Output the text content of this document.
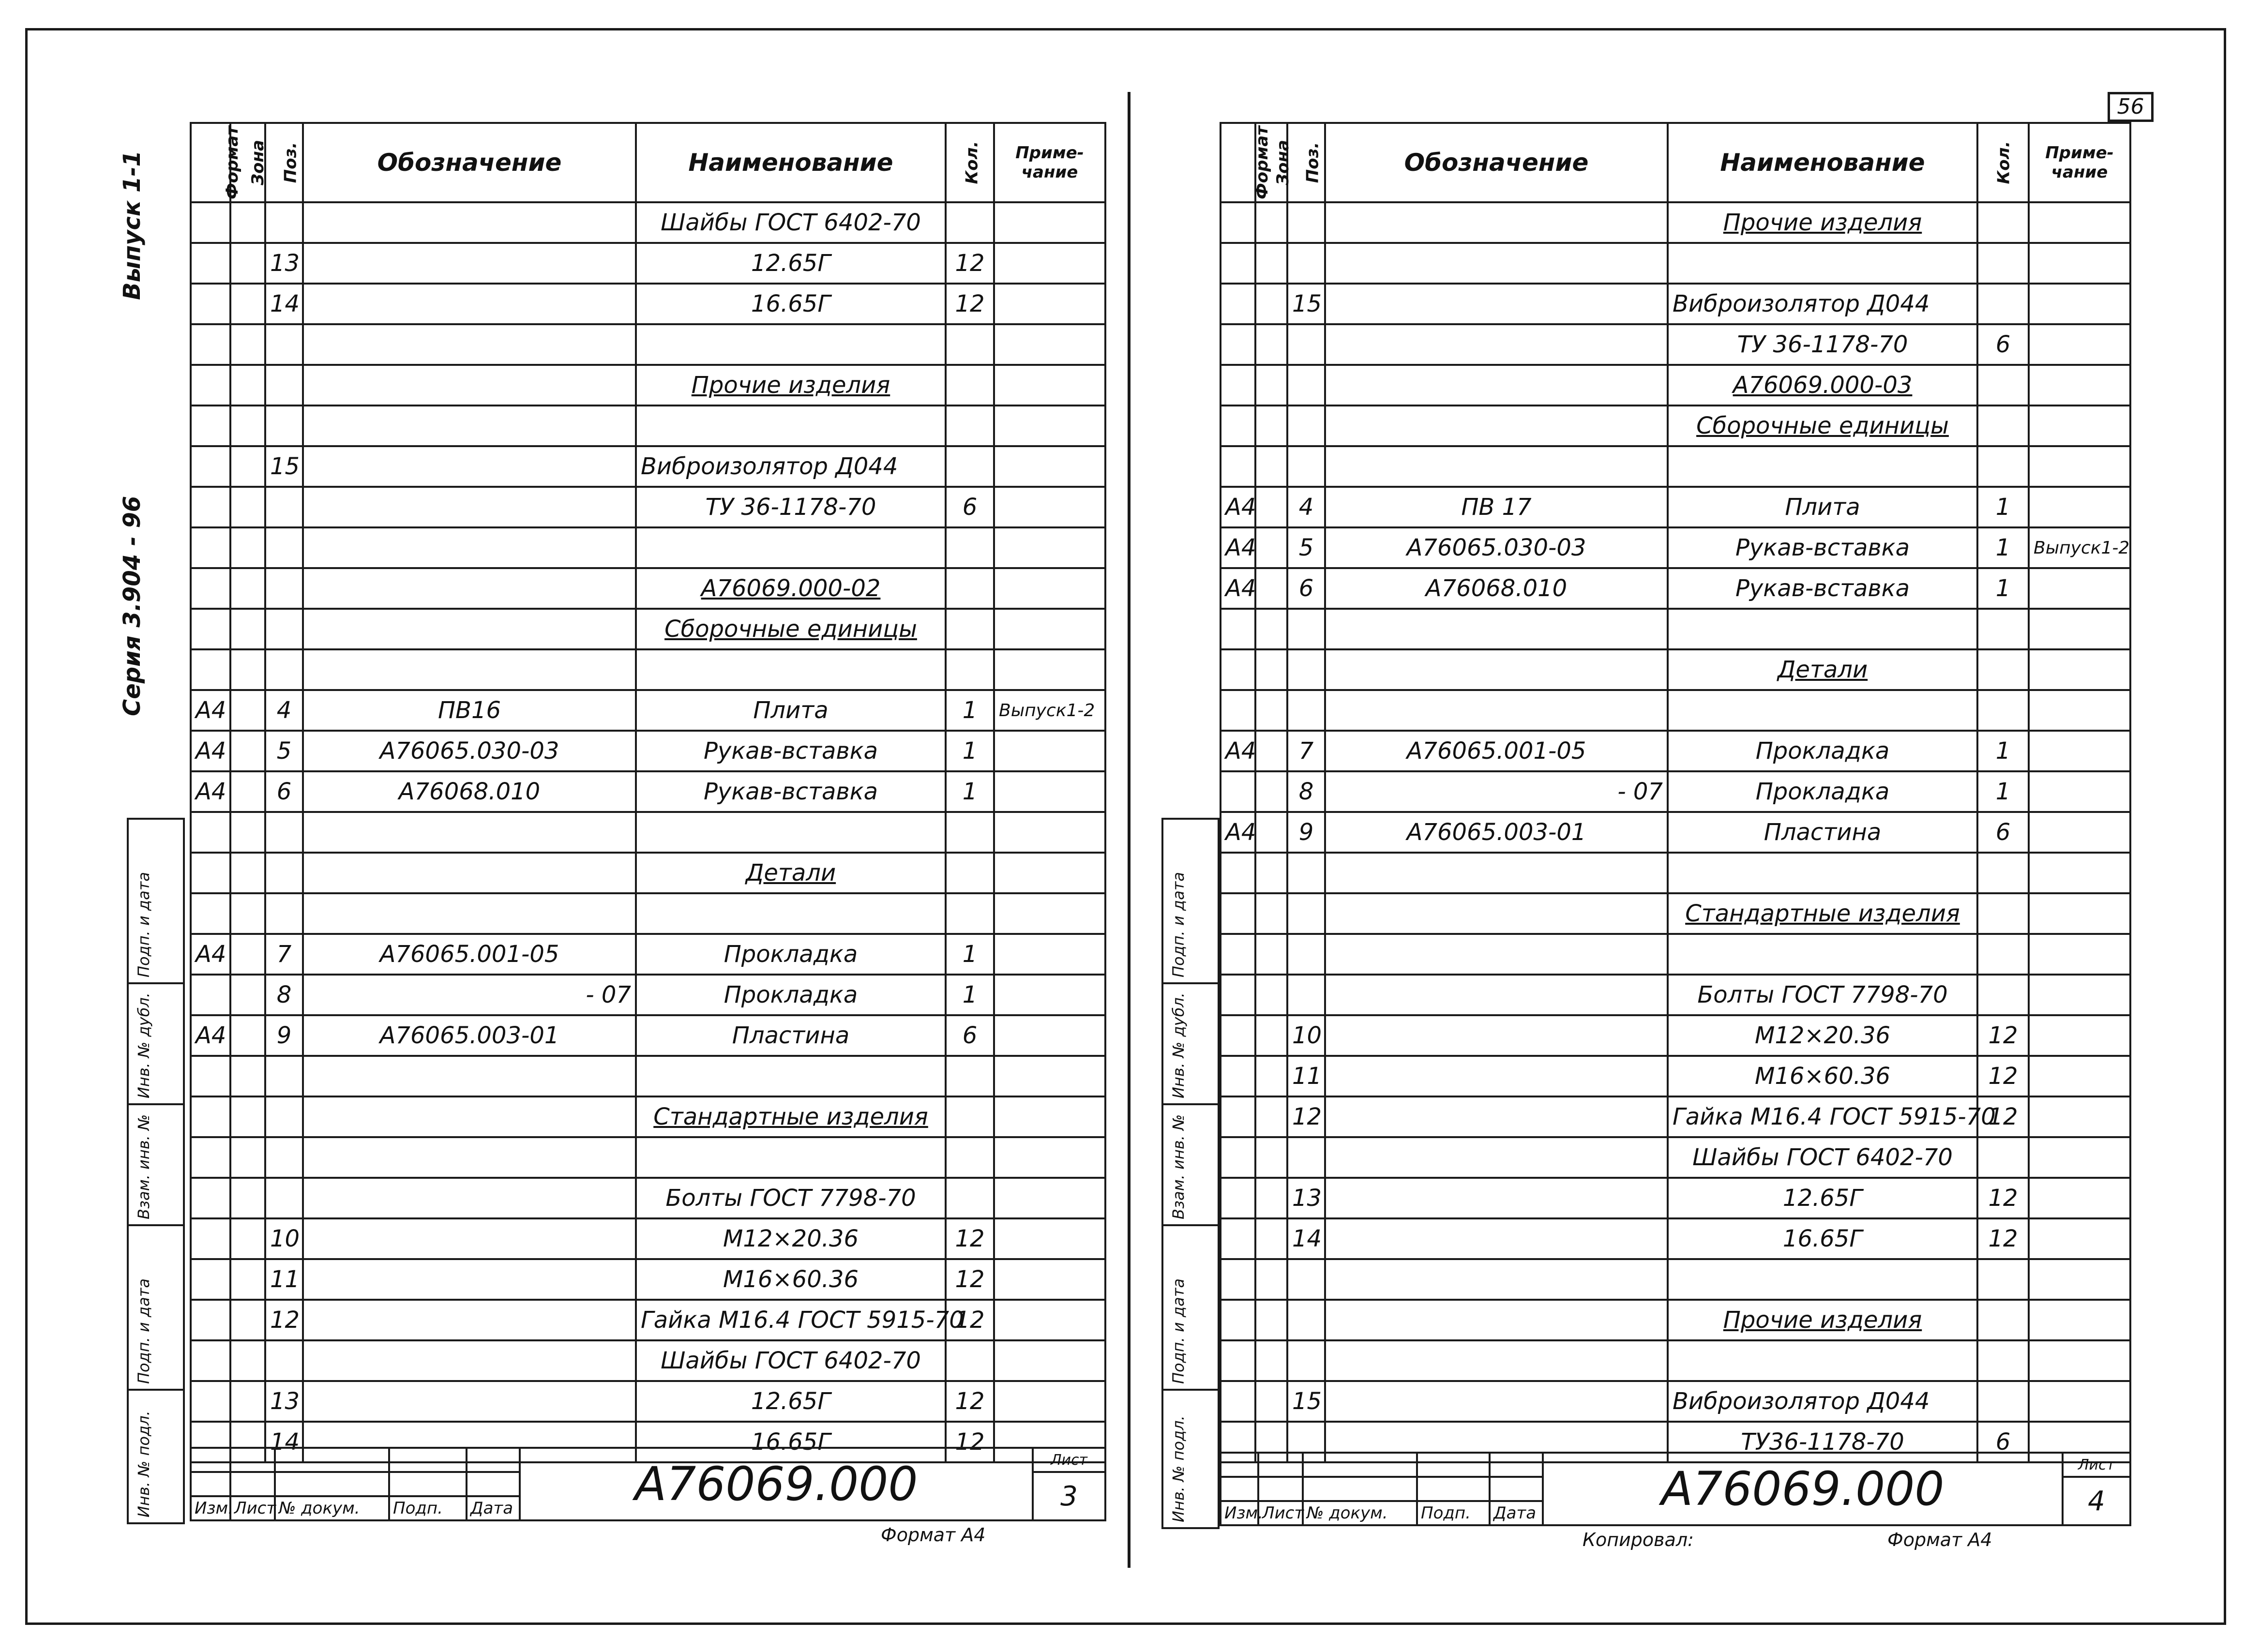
56
Выпуск 1-1
Серия 3.904 - 96
Подп. и дата
Инв. № дубл.
Взам. инв. №
Подп. и дата
Инв. № подл.
Формат	Зона	Поз.	Обозначение	Наименование	Кол.	Приме-чание
				Шайбы ГОСТ 6402-70		
		13		12.65Г	12	
		14		16.65Г	12	

				Прочие изделия		

		15		Виброизолятор Д044		
				ТУ 36-1178-70	6	

				А76069.000-02		
				Сборочные единицы		

А4		4	ПВ16	Плита	1	Выпуск1-2
А4		5	А76065.030-03	Рукав-вставка	1	
А4		6	А76068.010	Рукав-вставка	1	

				Детали		

А4		7	А76065.001-05	Прокладка	1	
		8	- 07	Прокладка	1	
А4		9	А76065.003-01	Пластина	6	

				Стандартные изделия		

				Болты ГОСТ 7798-70		
		10		М12×20.36	12	
		11		М16×60.36	12	
		12		Гайка М16.4 ГОСТ 5915-70	12	
				Шайбы ГОСТ 6402-70		
		13		12.65Г	12	
		14		16.65Г	12	
					А76069.000	Лист
						3
Изм.	Лист	№ докум.	Подп.	Дата		
Формат А4
Подп. и дата
Инв. № дубл.
Взам. инв. №
Подп. и дата
Инв. № подл.
Формат	Зона	Поз.	Обозначение	Наименование	Кол.	Приме-чание
				Прочие изделия		

		15		Виброизолятор Д044		
				ТУ 36-1178-70	6	
				А76069.000-03		
				Сборочные единицы		

А4		4	ПВ 17	Плита	1	
А4		5	А76065.030-03	Рукав-вставка	1	Выпуск1-2
А4		6	А76068.010	Рукав-вставка	1	

				Детали		

А4		7	А76065.001-05	Прокладка	1	
		8	- 07	Прокладка	1	
А4		9	А76065.003-01	Пластина	6	

				Стандартные изделия		

				Болты ГОСТ 7798-70		
		10		М12×20.36	12	
		11		М16×60.36	12	
		12		Гайка М16.4 ГОСТ 5915-70	12	
				Шайбы ГОСТ 6402-70		
		13		12.65Г	12	
		14		16.65Г	12	

				Прочие изделия		

		15		Виброизолятор Д044		
				ТУ36-1178-70	6	
					А76069.000	Лист
						4
Изм.	Лист	№ докум.	Подп.	Дата		
Копировал:	Формат А4
